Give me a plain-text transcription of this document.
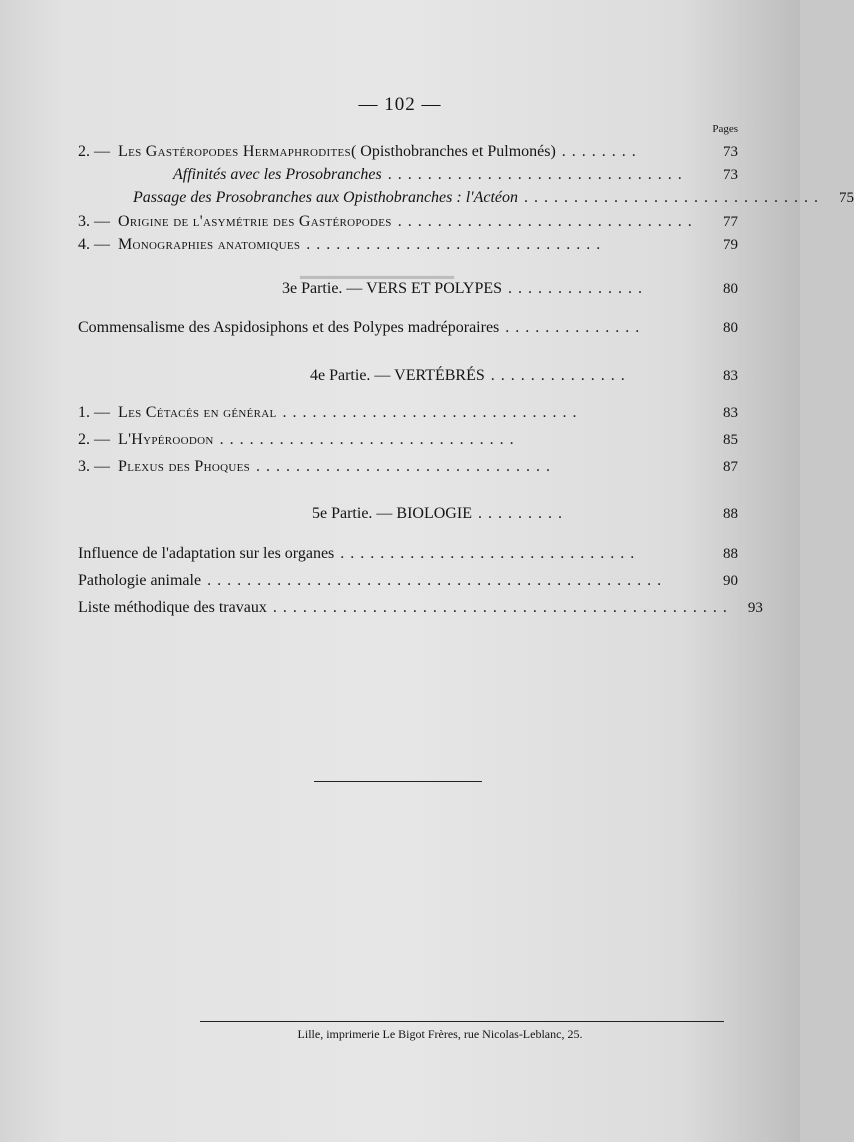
▁▁▁▁▁▁▁▁▁▁
— 102 —
Pages
2. — Les Gastéropodes Hermaphrodites ( Opisthobranches et Pulmonés) ........	73
Affinités avec les Prosobranches ..............................	73
Passage des Prosobranches aux Opisthobranches : l'Actéon ..............................	75
3. — Origine de l'asymétrie des Gastéropodes ..............................	77
4. — Monographies anatomiques ..............................	79
3e Partie. — VERS ET POLYPES ..............	80
Commensalisme des Aspidosiphons et des Polypes madréporaires ..............	80
4e Partie. — VERTÉBRÉS ..............	83
1. — Les Cétacés en général ..............................	83
2. — L'Hypéroodon ..............................	85
3. — Plexus des Phoques ..............................	87
5e Partie. — BIOLOGIE .........	88
Influence de l'adaptation sur les organes ..............................	88
Pathologie animale ..............................................	90
Liste méthodique des travaux ..............................................	93
Lille, imprimerie Le Bigot Frères, rue Nicolas-Leblanc, 25.
